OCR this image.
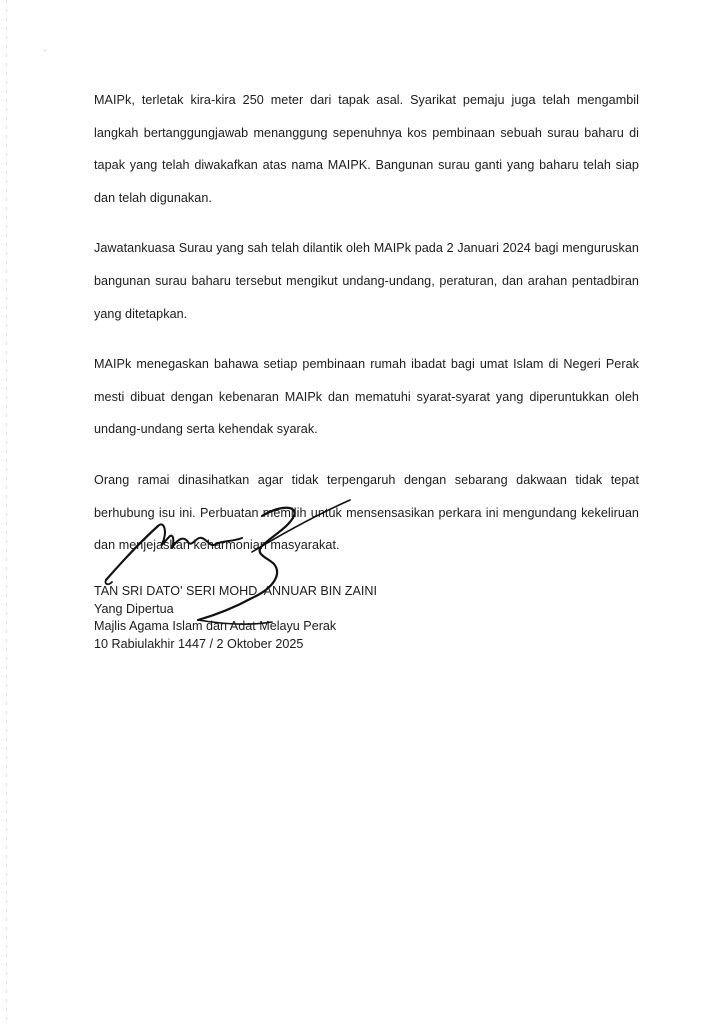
MAIPk, terletak kira-kira 250 meter dari tapak asal. Syarikat pemaju juga telah mengambil langkah bertanggungjawab menanggung sepenuhnya kos pembinaan sebuah surau baharu di tapak yang telah diwakafkan atas nama MAIPK. Bangunan surau ganti yang baharu telah siap dan telah digunakan.

Jawatankuasa Surau yang sah telah dilantik oleh MAIPk pada 2 Januari 2024 bagi menguruskan bangunan surau baharu tersebut mengikut undang-undang, peraturan, dan arahan pentadbiran yang ditetapkan.

MAIPk menegaskan bahawa setiap pembinaan rumah ibadat bagi umat Islam di Negeri Perak mesti dibuat dengan kebenaran MAIPk dan mematuhi syarat-syarat yang diperuntukkan oleh undang-undang serta kehendak syarak.

Orang ramai dinasihatkan agar tidak terpengaruh dengan sebarang dakwaan tidak tepat berhubung isu ini. Perbuatan memilih untuk mensensasikan perkara ini mengundang kekeliruan dan menjejaskan keharmonian masyarakat.

TAN SRI DATO' SERI MOHD. ANNUAR BIN ZAINI
Yang Dipertua
Majlis Agama Islam dan Adat Melayu Perak
10 Rabiulakhir 1447 / 2 Oktober 2025
